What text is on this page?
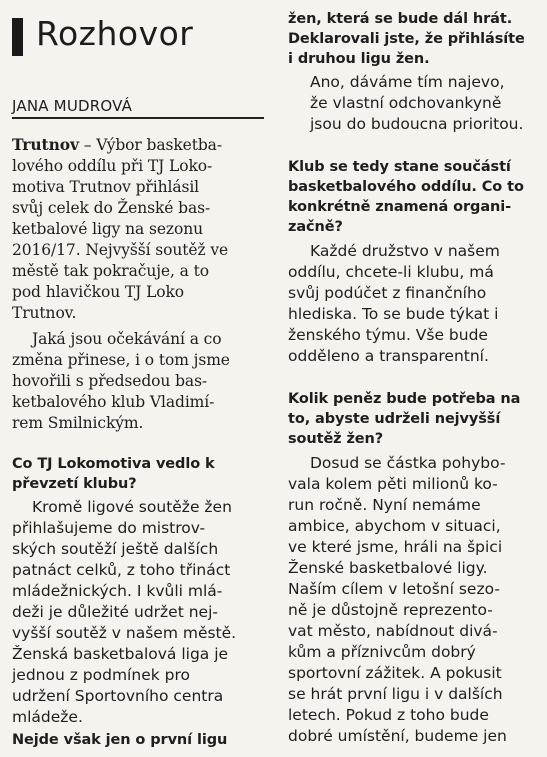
Rozhovor
JANA MUDROVÁ
Trutnov – Výbor basketba-
lového oddílu při TJ Loko-
motiva Trutnov přihlásil
svůj celek do Ženské bas-
ketbalové ligy na sezonu
2016/17. Nejvyšší soutěž ve
městě tak pokračuje, a to
pod hlavičkou TJ Loko
Trutnov.
Jaká jsou očekávání a co
změna přinese, i o tom jsme
hovořili s předsedou bas-
ketbalového klub Vladimí-
rem Smilnickým.
Co TJ Lokomotiva vedlo k
převzetí klubu?
Kromě ligové soutěže žen
přihlašujeme do mistrov-
ských soutěží ještě dalších
patnáct celků, z toho třináct
mládežnických. I kvůli mlá-
deži je důležité udržet nej-
vyšší soutěž v našem městě.
Ženská basketbalová liga je
jednou z podmínek pro
udržení Sportovního centra
mládeže.
Nejde však jen o první ligu
žen, která se bude dál hrát.
Deklarovali jste, že přihlásíte
i druhou ligu žen.
Ano, dáváme tím najevo,
že vlastní odchovankyně
jsou do budoucna prioritou.
Klub se tedy stane součástí
basketbalového oddílu. Co to
konkrétně znamená organi-
začně?
Každé družstvo v našem
oddílu, chcete-li klubu, má
svůj podúčet z finančního
hlediska. To se bude týkat i
ženského týmu. Vše bude
odděleno a transparentní.
Kolik peněz bude potřeba na
to, abyste udrželi nejvyšší
soutěž žen?
Dosud se částka pohybo-
vala kolem pěti milionů ko-
run ročně. Nyní nemáme
ambice, abychom v situaci,
ve které jsme, hráli na špici
Ženské basketbalové ligy.
Naším cílem v letošní sezo-
ně je důstojně reprezento-
vat město, nabídnout divá-
kům a příznivcům dobrý
sportovní zážitek. A pokusit
se hrát první ligu i v dalších
letech. Pokud z toho bude
dobré umístění, budeme jen
